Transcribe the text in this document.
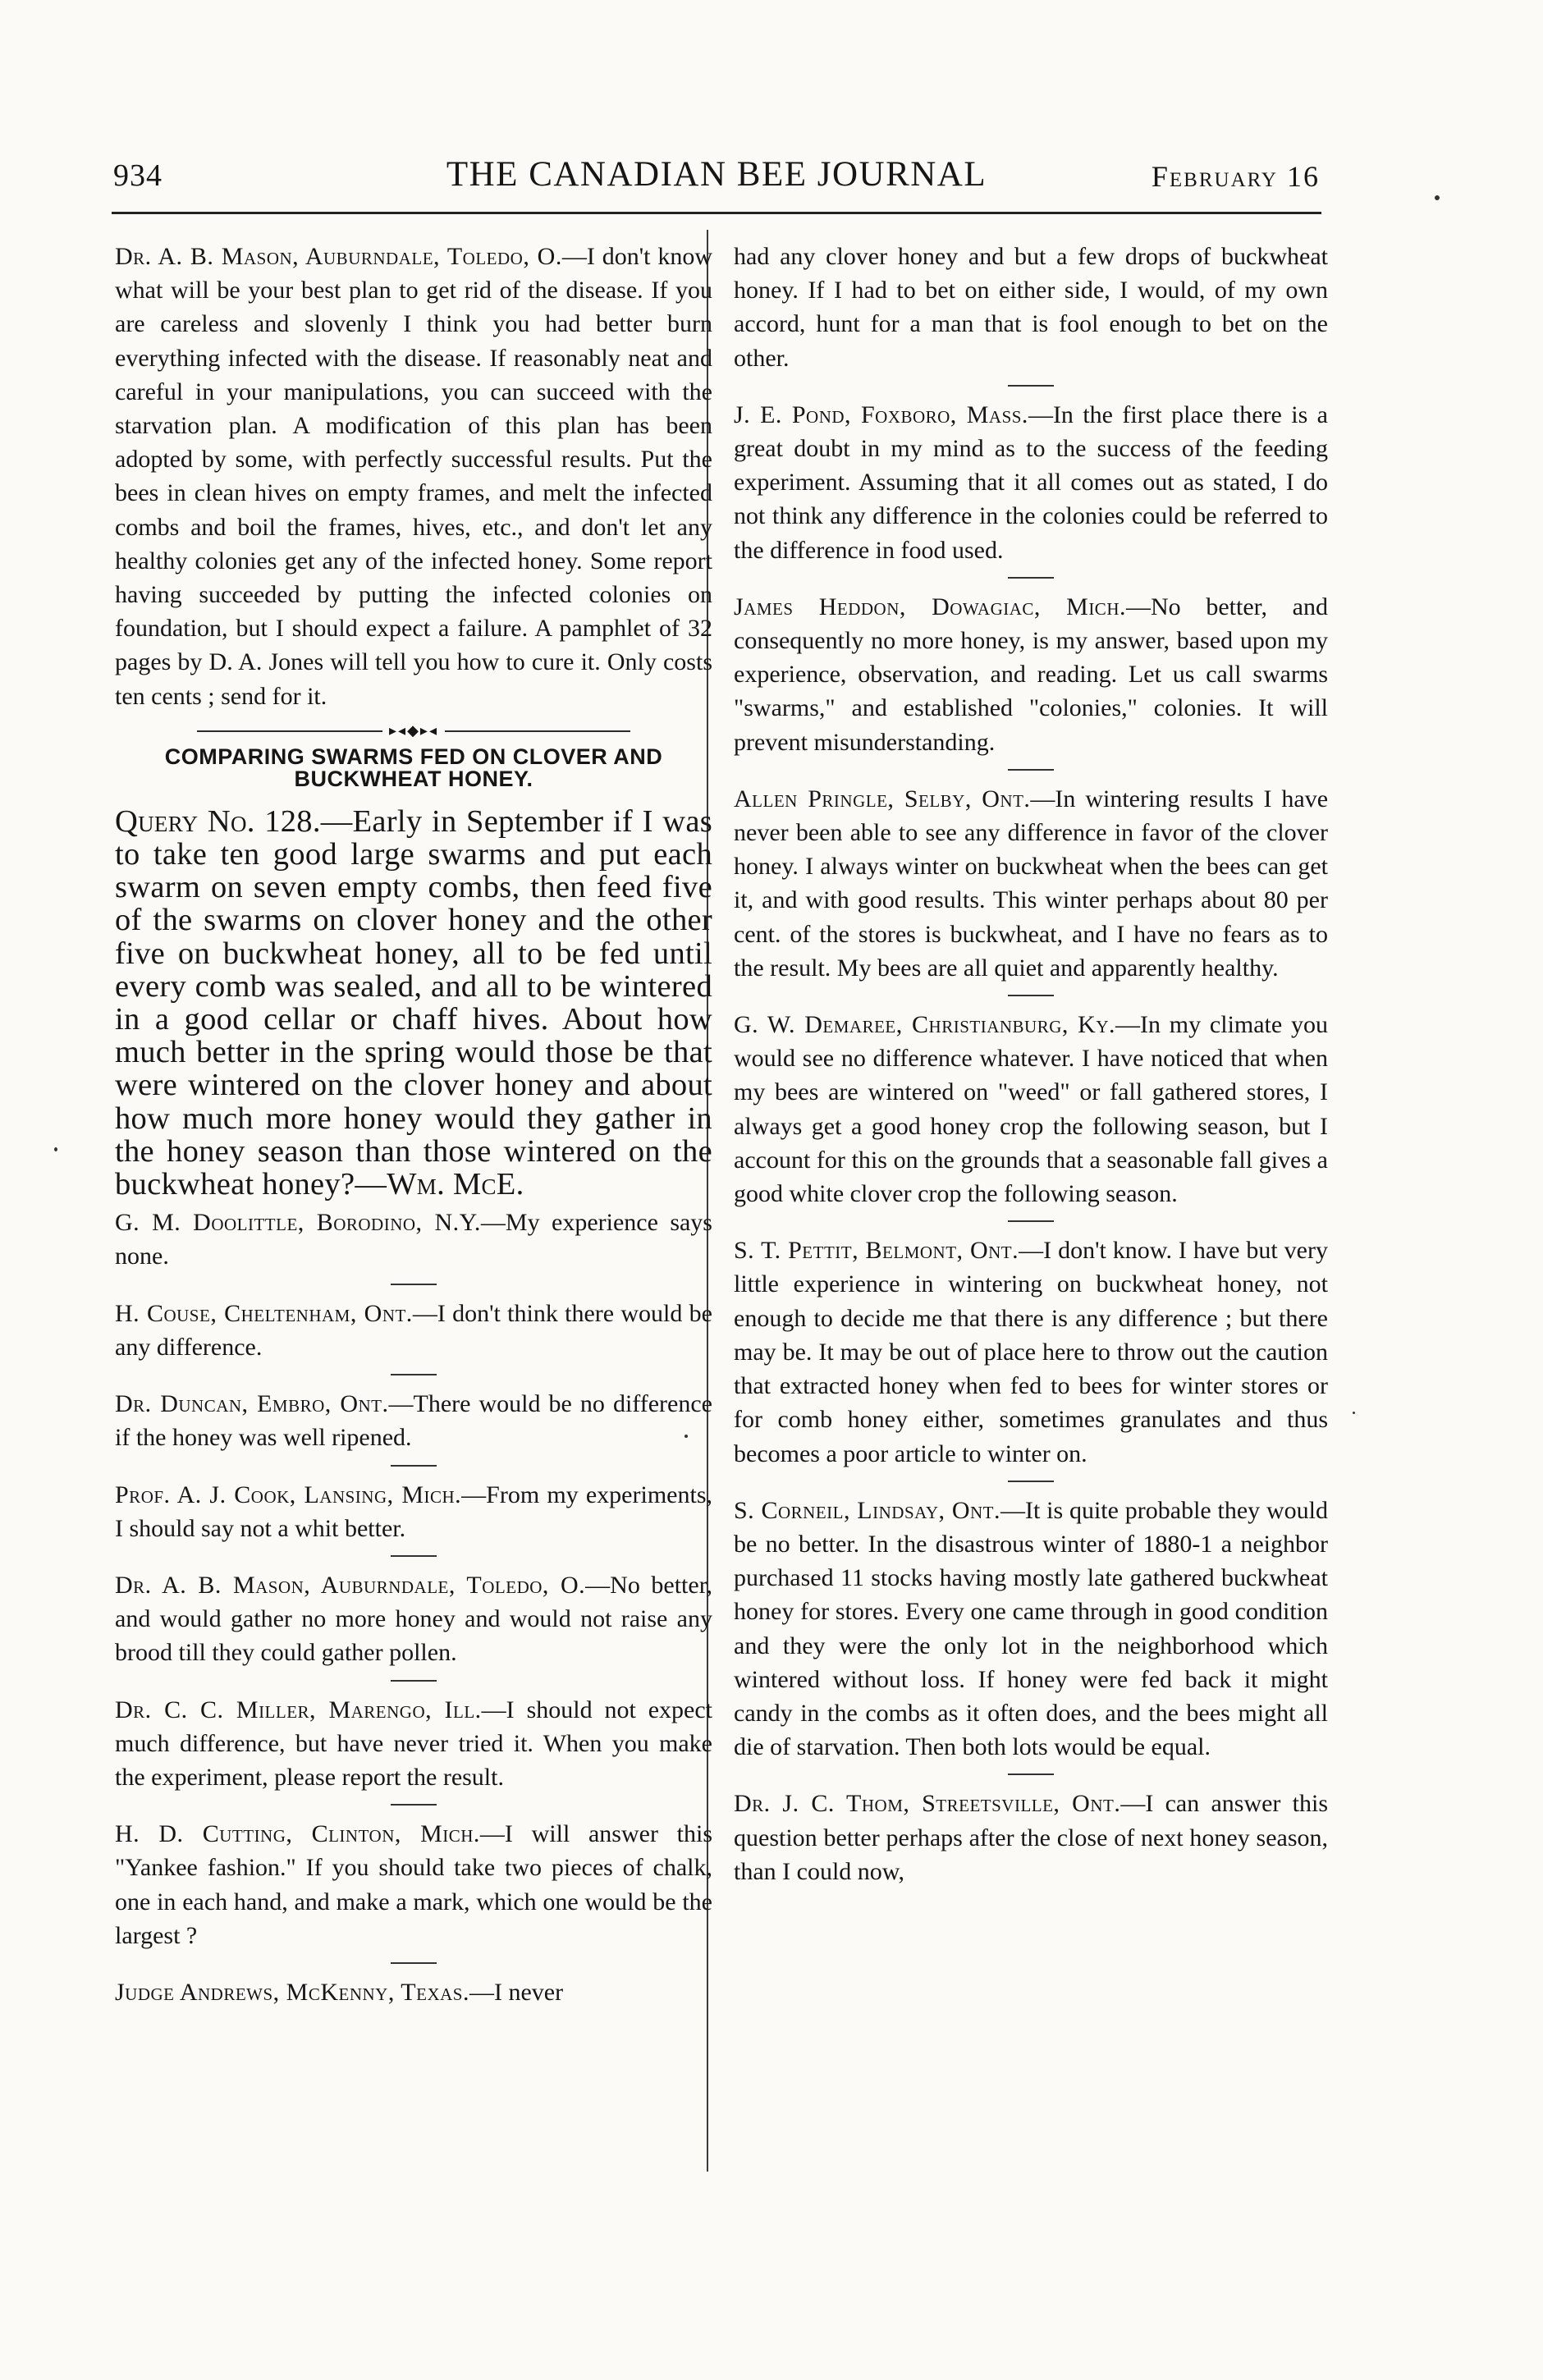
934	THE CANADIAN BEE JOURNAL	February 16

Dr. A. B. Mason, Auburndale, Toledo, O.—I don't know what will be your best plan to get rid of the disease. If you are careless and slovenly I think you had better burn everything infected with the disease. If reasonably neat and careful in your manipulations, you can succeed with the starvation plan. A modification of this plan has been adopted by some, with perfectly successful results. Put the bees in clean hives on empty frames, and melt the infected combs and boil the frames, hives, etc., and don't let any healthy colonies get any of the infected honey. Some report having succeeded by putting the infected colonies on foundation, but I should expect a failure. A pamphlet of 32 pages by D. A. Jones will tell you how to cure it. Only costs ten cents ; send for it.

▸◂◆▸◂
COMPARING SWARMS FED ON CLOVER AND
BUCKWHEAT HONEY.

Query No. 128.—Early in September if I was to take ten good large swarms and put each swarm on seven empty combs, then feed five of the swarms on clover honey and the other five on buckwheat honey, all to be fed until every comb was sealed, and all to be wintered in a good cellar or chaff hives. About how much better in the spring would those be that were wintered on the clover honey and about how much more honey would they gather in the honey season than those wintered on the buckwheat honey?—Wm. McE.

G. M. Doolittle, Borodino, N.Y.—My experience says none.

H. Couse, Cheltenham, Ont.—I don't think there would be any difference.

Dr. Duncan, Embro, Ont.—There would be no difference if the honey was well ripened.

Prof. A. J. Cook, Lansing, Mich.—From my experiments, I should say not a whit better.

Dr. A. B. Mason, Auburndale, Toledo, O.—No better, and would gather no more honey and would not raise any brood till they could gather pollen.

Dr. C. C. Miller, Marengo, Ill.—I should not expect much difference, but have never tried it. When you make the experiment, please report the result.

H. D. Cutting, Clinton, Mich.—I will answer this "Yankee fashion." If you should take two pieces of chalk, one in each hand, and make a mark, which one would be the largest ?

Judge Andrews, McKenny, Texas.—I never

had any clover honey and but a few drops of buckwheat honey. If I had to bet on either side, I would, of my own accord, hunt for a man that is fool enough to bet on the other.

J. E. Pond, Foxboro, Mass.—In the first place there is a great doubt in my mind as to the success of the feeding experiment. Assuming that it all comes out as stated, I do not think any difference in the colonies could be referred to the difference in food used.

James Heddon, Dowagiac, Mich.—No better, and consequently no more honey, is my answer, based upon my experience, observation, and reading. Let us call swarms "swarms," and established "colonies," colonies. It will prevent misunderstanding.

Allen Pringle, Selby, Ont.—In wintering results I have never been able to see any difference in favor of the clover honey. I always winter on buckwheat when the bees can get it, and with good results. This winter perhaps about 80 per cent. of the stores is buckwheat, and I have no fears as to the result. My bees are all quiet and apparently healthy.

G. W. Demaree, Christianburg, Ky.—In my climate you would see no difference whatever. I have noticed that when my bees are wintered on "weed" or fall gathered stores, I always get a good honey crop the following season, but I account for this on the grounds that a seasonable fall gives a good white clover crop the following season.

S. T. Pettit, Belmont, Ont.—I don't know. I have but very little experience in wintering on buckwheat honey, not enough to decide me that there is any difference ; but there may be. It may be out of place here to throw out the caution that extracted honey when fed to bees for winter stores or for comb honey either, sometimes granulates and thus becomes a poor article to winter on.

S. Corneil, Lindsay, Ont.—It is quite probable they would be no better. In the disastrous winter of 1880-1 a neighbor purchased 11 stocks having mostly late gathered buckwheat honey for stores. Every one came through in good condition and they were the only lot in the neighborhood which wintered without loss. If honey were fed back it might candy in the combs as it often does, and the bees might all die of starvation. Then both lots would be equal.

Dr. J. C. Thom, Streetsville, Ont.—I can answer this question better perhaps after the close of next honey season, than I could now,
